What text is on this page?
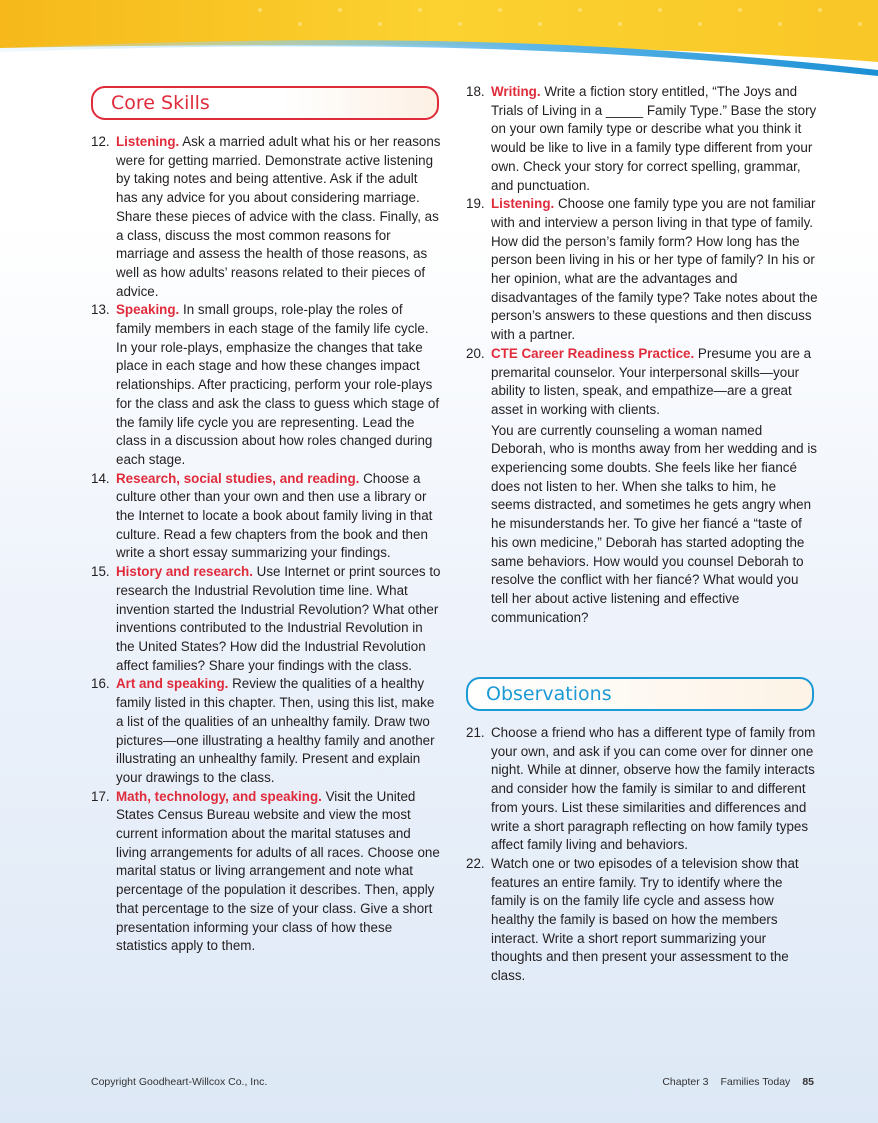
Core Skills
12. Listening. Ask a married adult what his or her reasons were for getting married. Demonstrate active listening by taking notes and being attentive. Ask if the adult has any advice for you about considering marriage. Share these pieces of advice with the class. Finally, as a class, discuss the most common reasons for marriage and assess the health of those reasons, as well as how adults’ reasons related to their pieces of advice.
13. Speaking. In small groups, role-play the roles of family members in each stage of the family life cycle. In your role-plays, emphasize the changes that take place in each stage and how these changes impact relationships. After practicing, perform your role-plays for the class and ask the class to guess which stage of the family life cycle you are representing. Lead the class in a discussion about how roles changed during each stage.
14. Research, social studies, and reading. Choose a culture other than your own and then use a library or the Internet to locate a book about family living in that culture. Read a few chapters from the book and then write a short essay summarizing your findings.
15. History and research. Use Internet or print sources to research the Industrial Revolution time line. What invention started the Industrial Revolution? What other inventions contributed to the Industrial Revolution in the United States? How did the Industrial Revolution affect families? Share your findings with the class.
16. Art and speaking. Review the qualities of a healthy family listed in this chapter. Then, using this list, make a list of the qualities of an unhealthy family. Draw two pictures—one illustrating a healthy family and another illustrating an unhealthy family. Present and explain your drawings to the class.
17. Math, technology, and speaking. Visit the United States Census Bureau website and view the most current information about the marital statuses and living arrangements for adults of all races. Choose one marital status or living arrangement and note what percentage of the population it describes. Then, apply that percentage to the size of your class. Give a short presentation informing your class of how these statistics apply to them.
18. Writing. Write a fiction story entitled, “The Joys and Trials of Living in a _____ Family Type.” Base the story on your own family type or describe what you think it would be like to live in a family type different from your own. Check your story for correct spelling, grammar, and punctuation.
19. Listening. Choose one family type you are not familiar with and interview a person living in that type of family. How did the person’s family form? How long has the person been living in his or her type of family? In his or her opinion, what are the advantages and disadvantages of the family type? Take notes about the person’s answers to these questions and then discuss with a partner.
20. CTE Career Readiness Practice. Presume you are a premarital counselor. Your interpersonal skills—your ability to listen, speak, and empathize—are a great asset in working with clients.
You are currently counseling a woman named Deborah, who is months away from her wedding and is experiencing some doubts. She feels like her fiancé does not listen to her. When she talks to him, he seems distracted, and sometimes he gets angry when he misunderstands her. To give her fiancé a “taste of his own medicine,” Deborah has started adopting the same behaviors. How would you counsel Deborah to resolve the conflict with her fiancé? What would you tell her about active listening and effective communication?
Observations
21. Choose a friend who has a different type of family from your own, and ask if you can come over for dinner one night. While at dinner, observe how the family interacts and consider how the family is similar to and different from yours. List these similarities and differences and write a short paragraph reflecting on how family types affect family living and behaviors.
22. Watch one or two episodes of a television show that features an entire family. Try to identify where the family is on the family life cycle and assess how healthy the family is based on how the members interact. Write a short report summarizing your thoughts and then present your assessment to the class.
Copyright Goodheart-Willcox Co., Inc.	Chapter 3 Families Today 85
